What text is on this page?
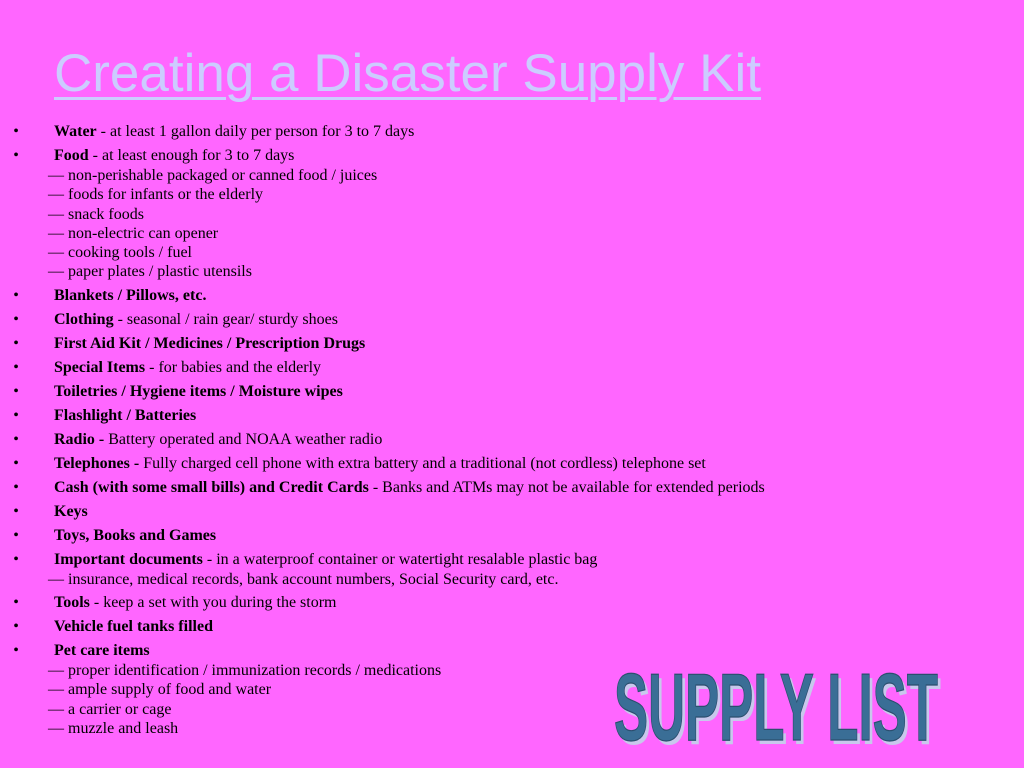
Creating a Disaster Supply Kit
• Water - at least 1 gallon daily per person for 3 to 7 days
• Food - at least enough for 3 to 7 days
— non-perishable packaged or canned food / juices
— foods for infants or the elderly
— snack foods
— non-electric can opener
— cooking tools / fuel
— paper plates / plastic utensils
• Blankets / Pillows, etc.
• Clothing - seasonal / rain gear/ sturdy shoes
• First Aid Kit / Medicines / Prescription Drugs
• Special Items - for babies and the elderly
• Toiletries / Hygiene items / Moisture wipes
• Flashlight / Batteries
• Radio - Battery operated and NOAA weather radio
• Telephones - Fully charged cell phone with extra battery and a traditional (not cordless) telephone set
• Cash (with some small bills) and Credit Cards - Banks and ATMs may not be available for extended periods
• Keys
• Toys, Books and Games
• Important documents - in a waterproof container or watertight resalable plastic bag
— insurance, medical records, bank account numbers, Social Security card, etc.
• Tools - keep a set with you during the storm
• Vehicle fuel tanks filled
• Pet care items
— proper identification / immunization records / medications
— ample supply of food and water
— a carrier or cage
— muzzle and leash	SUPPLY LIST
SUPPLY LIST
